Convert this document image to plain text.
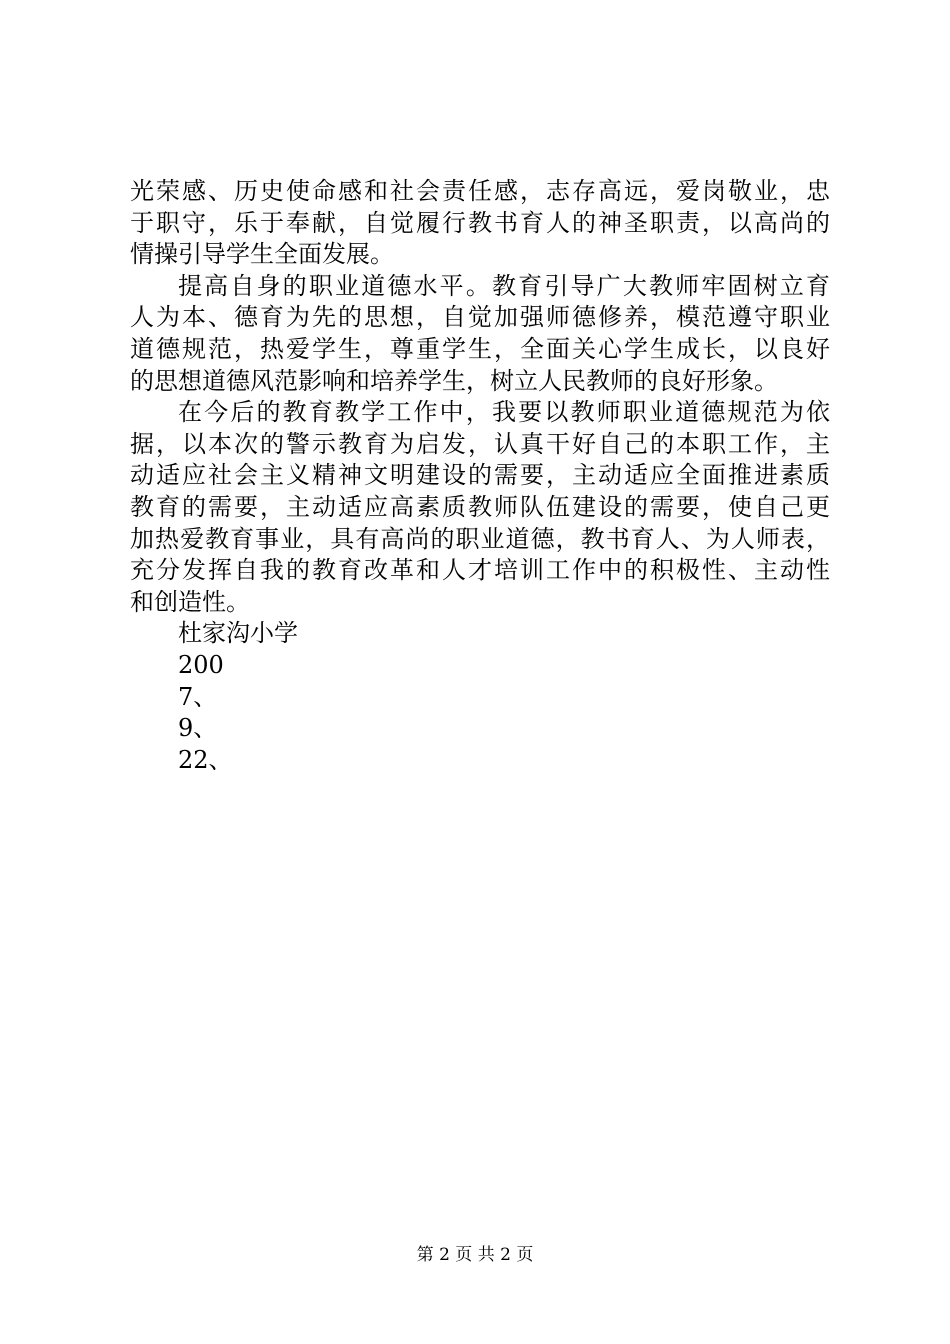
光荣感、历史使命感和社会责任感，志存高远，爱岗敬业，忠
于职守，乐于奉献，自觉履行教书育人的神圣职责，以高尚的
情操引导学生全面发展。
提高自身的职业道德水平。教育引导广大教师牢固树立育
人为本、德育为先的思想，自觉加强师德修养，模范遵守职业
道德规范，热爱学生，尊重学生，全面关心学生成长，以良好
的思想道德风范影响和培养学生，树立人民教师的良好形象。
在今后的教育教学工作中，我要以教师职业道德规范为依
据，以本次的警示教育为启发，认真干好自己的本职工作，主
动适应社会主义精神文明建设的需要，主动适应全面推进素质
教育的需要，主动适应高素质教师队伍建设的需要，使自己更
加热爱教育事业，具有高尚的职业道德，教书育人、为人师表，
充分发挥自我的教育改革和人才培训工作中的积极性、主动性
和创造性。
杜家沟小学
200
7、
9、
22、
第 2 页 共 2 页
